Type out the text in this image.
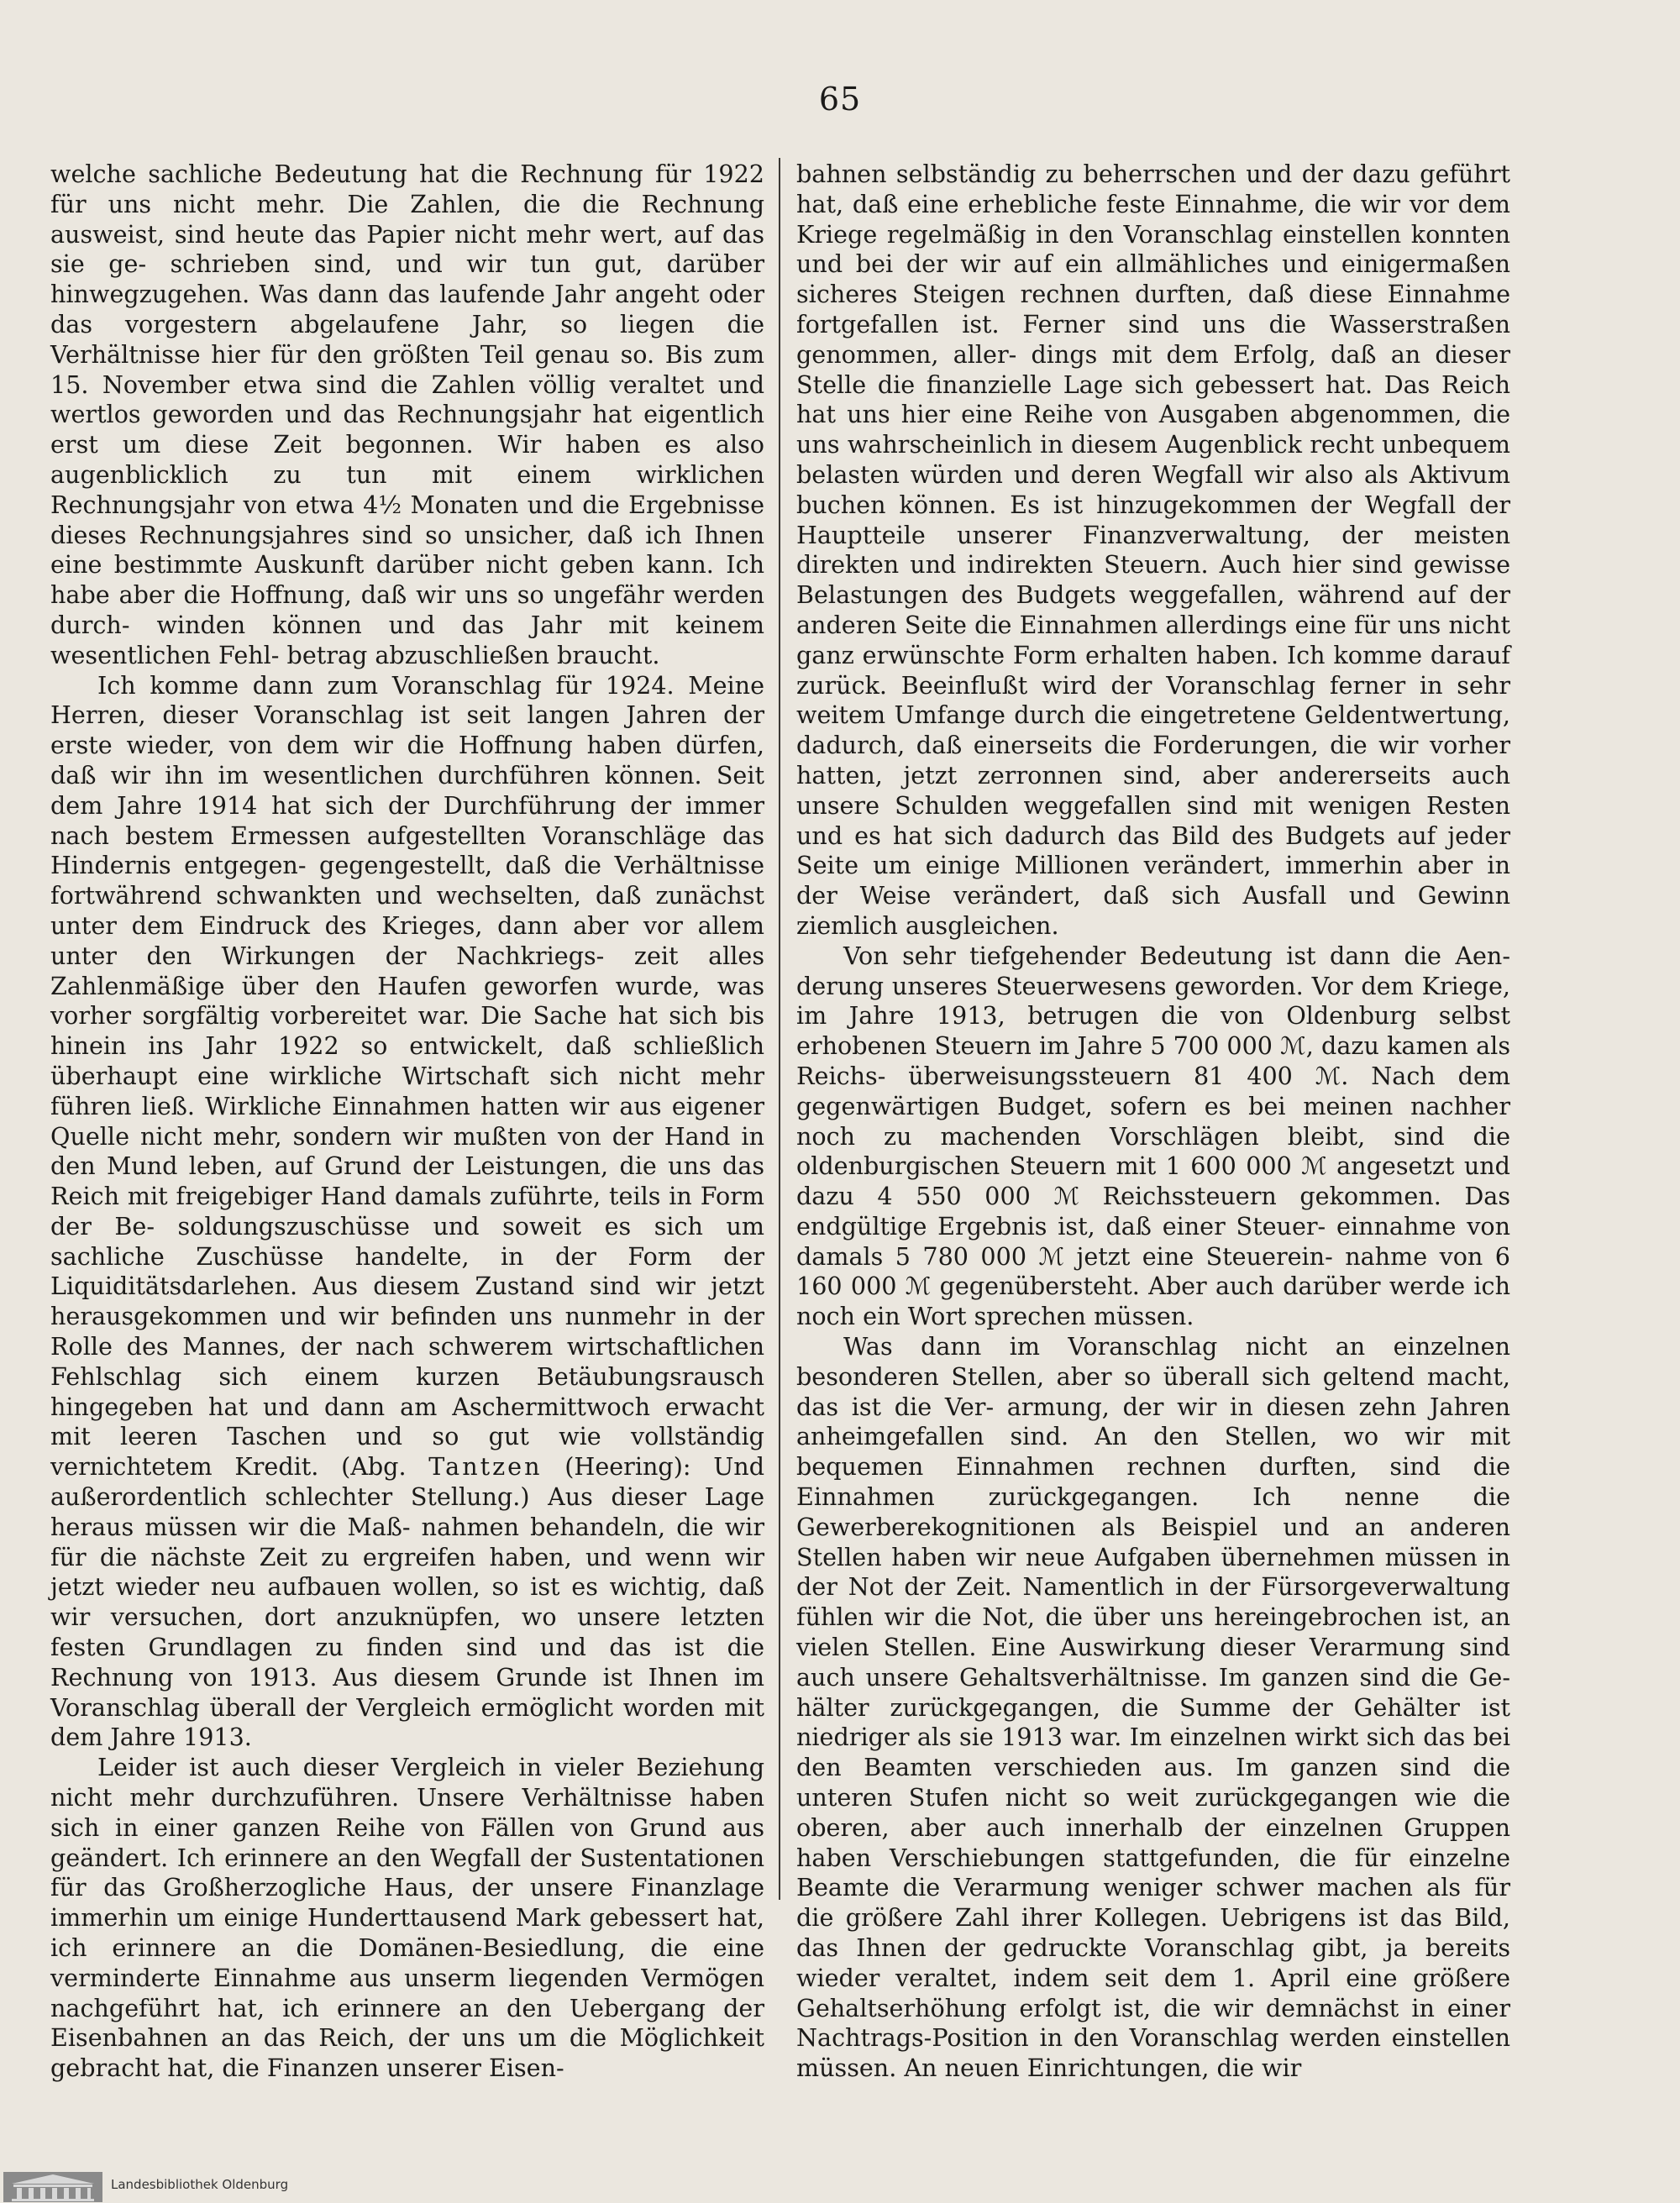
65

welche sachliche Bedeutung hat die Rechnung für 1922 für uns nicht mehr. Die Zahlen, die die Rechnung ausweist, sind heute das Papier nicht mehr wert, auf das sie ge- schrieben sind, und wir tun gut, darüber hinwegzugehen. Was dann das laufende Jahr angeht oder das vorgestern abgelaufene Jahr, so liegen die Verhältnisse hier für den größten Teil genau so. Bis zum 15. November etwa sind die Zahlen völlig veraltet und wertlos geworden und das Rechnungsjahr hat eigentlich erst um diese Zeit begonnen. Wir haben es also augenblicklich zu tun mit einem wirklichen Rechnungsjahr von etwa 4½ Monaten und die Ergebnisse dieses Rechnungsjahres sind so unsicher, daß ich Ihnen eine bestimmte Auskunft darüber nicht geben kann. Ich habe aber die Hoffnung, daß wir uns so ungefähr werden durch- winden können und das Jahr mit keinem wesentlichen Fehl- betrag abzuschließen braucht.

Ich komme dann zum Voranschlag für 1924. Meine Herren, dieser Voranschlag ist seit langen Jahren der erste wieder, von dem wir die Hoffnung haben dürfen, daß wir ihn im wesentlichen durchführen können. Seit dem Jahre 1914 hat sich der Durchführung der immer nach bestem Ermessen aufgestellten Voranschläge das Hindernis entgegen- gegengestellt, daß die Verhältnisse fortwährend schwankten und wechselten, daß zunächst unter dem Eindruck des Krieges, dann aber vor allem unter den Wirkungen der Nachkriegs- zeit alles Zahlenmäßige über den Haufen geworfen wurde, was vorher sorgfältig vorbereitet war. Die Sache hat sich bis hinein ins Jahr 1922 so entwickelt, daß schließlich überhaupt eine wirkliche Wirtschaft sich nicht mehr führen ließ. Wirkliche Einnahmen hatten wir aus eigener Quelle nicht mehr, sondern wir mußten von der Hand in den Mund leben, auf Grund der Leistungen, die uns das Reich mit freigebiger Hand damals zuführte, teils in Form der Be- soldungszuschüsse und soweit es sich um sachliche Zuschüsse handelte, in der Form der Liquiditätsdarlehen. Aus diesem Zustand sind wir jetzt herausgekommen und wir befinden uns nunmehr in der Rolle des Mannes, der nach schwerem wirtschaftlichen Fehlschlag sich einem kurzen Betäubungsrausch hingegeben hat und dann am Aschermittwoch erwacht mit leeren Taschen und so gut wie vollständig vernichtetem Kredit. (Abg. Tantzen (Heering): Und außerordentlich schlechter Stellung.) Aus dieser Lage heraus müssen wir die Maß- nahmen behandeln, die wir für die nächste Zeit zu ergreifen haben, und wenn wir jetzt wieder neu aufbauen wollen, so ist es wichtig, daß wir versuchen, dort anzuknüpfen, wo unsere letzten festen Grundlagen zu finden sind und das ist die Rechnung von 1913. Aus diesem Grunde ist Ihnen im Voranschlag überall der Vergleich ermöglicht worden mit dem Jahre 1913.

Leider ist auch dieser Vergleich in vieler Beziehung nicht mehr durchzuführen. Unsere Verhältnisse haben sich in einer ganzen Reihe von Fällen von Grund aus geändert. Ich erinnere an den Wegfall der Sustentationen für das Großherzogliche Haus, der unsere Finanzlage immerhin um einige Hunderttausend Mark gebessert hat, ich erinnere an die Domänen-Besiedlung, die eine verminderte Einnahme aus unserm liegenden Vermögen nachgeführt hat, ich erinnere an den Uebergang der Eisenbahnen an das Reich, der uns um die Möglichkeit gebracht hat, die Finanzen unserer Eisen-

bahnen selbständig zu beherrschen und der dazu geführt hat, daß eine erhebliche feste Einnahme, die wir vor dem Kriege regelmäßig in den Voranschlag einstellen konnten und bei der wir auf ein allmähliches und einigermaßen sicheres Steigen rechnen durften, daß diese Einnahme fortgefallen ist. Ferner sind uns die Wasserstraßen genommen, aller- dings mit dem Erfolg, daß an dieser Stelle die finanzielle Lage sich gebessert hat. Das Reich hat uns hier eine Reihe von Ausgaben abgenommen, die uns wahrscheinlich in diesem Augenblick recht unbequem belasten würden und deren Wegfall wir also als Aktivum buchen können. Es ist hinzugekommen der Wegfall der Hauptteile unserer Finanzverwaltung, der meisten direkten und indirekten Steuern. Auch hier sind gewisse Belastungen des Budgets weggefallen, während auf der anderen Seite die Einnahmen allerdings eine für uns nicht ganz erwünschte Form erhalten haben. Ich komme darauf zurück. Beeinflußt wird der Voranschlag ferner in sehr weitem Umfange durch die eingetretene Geldentwertung, dadurch, daß einerseits die Forderungen, die wir vorher hatten, jetzt zerronnen sind, aber andererseits auch unsere Schulden weggefallen sind mit wenigen Resten und es hat sich dadurch das Bild des Budgets auf jeder Seite um einige Millionen verändert, immerhin aber in der Weise verändert, daß sich Ausfall und Gewinn ziemlich ausgleichen.

Von sehr tiefgehender Bedeutung ist dann die Aen- derung unseres Steuerwesens geworden. Vor dem Kriege, im Jahre 1913, betrugen die von Oldenburg selbst erhobenen Steuern im Jahre 5 700 000 ℳ, dazu kamen als Reichs- überweisungssteuern 81 400 ℳ. Nach dem gegenwärtigen Budget, sofern es bei meinen nachher noch zu machenden Vorschlägen bleibt, sind die oldenburgischen Steuern mit 1 600 000 ℳ angesetzt und dazu 4 550 000 ℳ Reichssteuern gekommen. Das endgültige Ergebnis ist, daß einer Steuer- einnahme von damals 5 780 000 ℳ jetzt eine Steuerein- nahme von 6 160 000 ℳ gegenübersteht. Aber auch darüber werde ich noch ein Wort sprechen müssen.

Was dann im Voranschlag nicht an einzelnen besonderen Stellen, aber so überall sich geltend macht, das ist die Ver- armung, der wir in diesen zehn Jahren anheimgefallen sind. An den Stellen, wo wir mit bequemen Einnahmen rechnen durften, sind die Einnahmen zurückgegangen. Ich nenne die Gewerberekognitionen als Beispiel und an anderen Stellen haben wir neue Aufgaben übernehmen müssen in der Not der Zeit. Namentlich in der Fürsorgeverwaltung fühlen wir die Not, die über uns hereingebrochen ist, an vielen Stellen. Eine Auswirkung dieser Verarmung sind auch unsere Gehaltsverhältnisse. Im ganzen sind die Ge- hälter zurückgegangen, die Summe der Gehälter ist niedriger als sie 1913 war. Im einzelnen wirkt sich das bei den Beamten verschieden aus. Im ganzen sind die unteren Stufen nicht so weit zurückgegangen wie die oberen, aber auch innerhalb der einzelnen Gruppen haben Verschiebungen stattgefunden, die für einzelne Beamte die Verarmung weniger schwer machen als für die größere Zahl ihrer Kollegen. Uebrigens ist das Bild, das Ihnen der gedruckte Voranschlag gibt, ja bereits wieder veraltet, indem seit dem 1. April eine größere Gehaltserhöhung erfolgt ist, die wir demnächst in einer Nachtrags-Position in den Voranschlag werden einstellen müssen. An neuen Einrichtungen, die wir

Landesbibliothek Oldenburg
